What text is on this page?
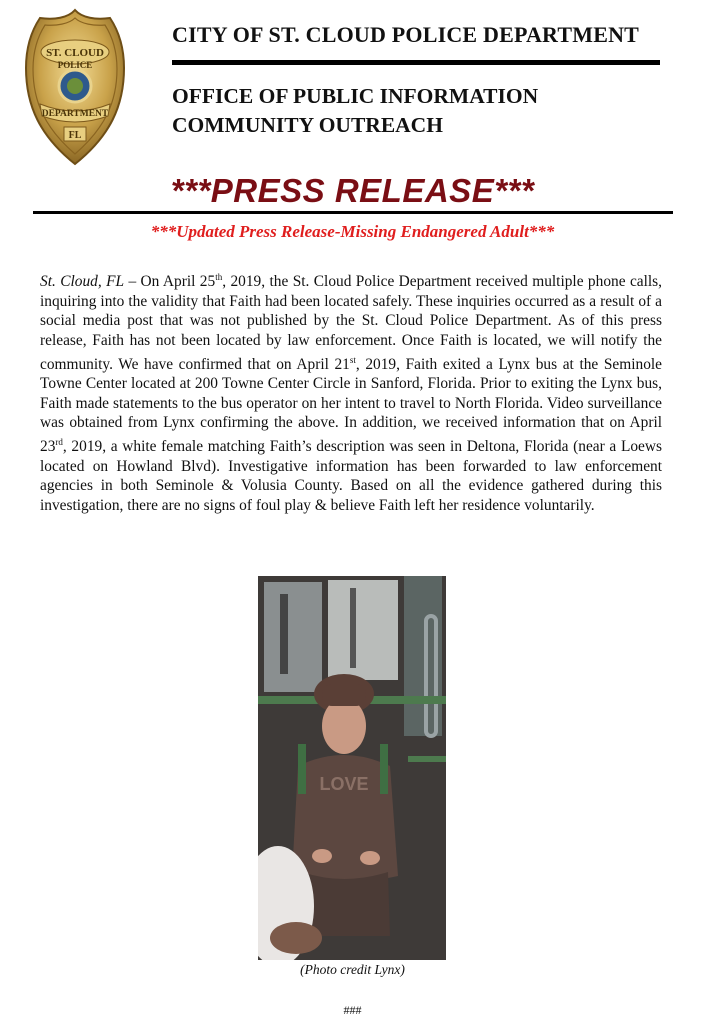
ST. CLOUD
POLICE
DEPARTMENT
FL
CITY OF ST. CLOUD POLICE DEPARTMENT
OFFICE OF PUBLIC INFORMATION
COMMUNITY OUTREACH
***PRESS RELEASE***
***Updated Press Release-Missing Endangered Adult***

St. Cloud, FL – On April 25th, 2019, the St. Cloud Police Department received multiple phone calls, inquiring into the validity that Faith had been located safely. These inquiries occurred as a result of a social media post that was not published by the St. Cloud Police Department. As of this press release, Faith has not been located by law enforcement. Once Faith is located, we will notify the community. We have confirmed that on April 21st, 2019, Faith exited a Lynx bus at the Seminole Towne Center located at 200 Towne Center Circle in Sanford, Florida. Prior to exiting the Lynx bus, Faith made statements to the bus operator on her intent to travel to North Florida. Video surveillance was obtained from Lynx confirming the above. In addition, we received information that on April 23rd, 2019, a white female matching Faith’s description was seen in Deltona, Florida (near a Loews located on Howland Blvd). Investigative information has been forwarded to law enforcement agencies in both Seminole & Volusia County. Based on all the evidence gathered during this investigation, there are no signs of foul play & believe Faith left her residence voluntarily.

LOVE
(Photo credit Lynx)
###
